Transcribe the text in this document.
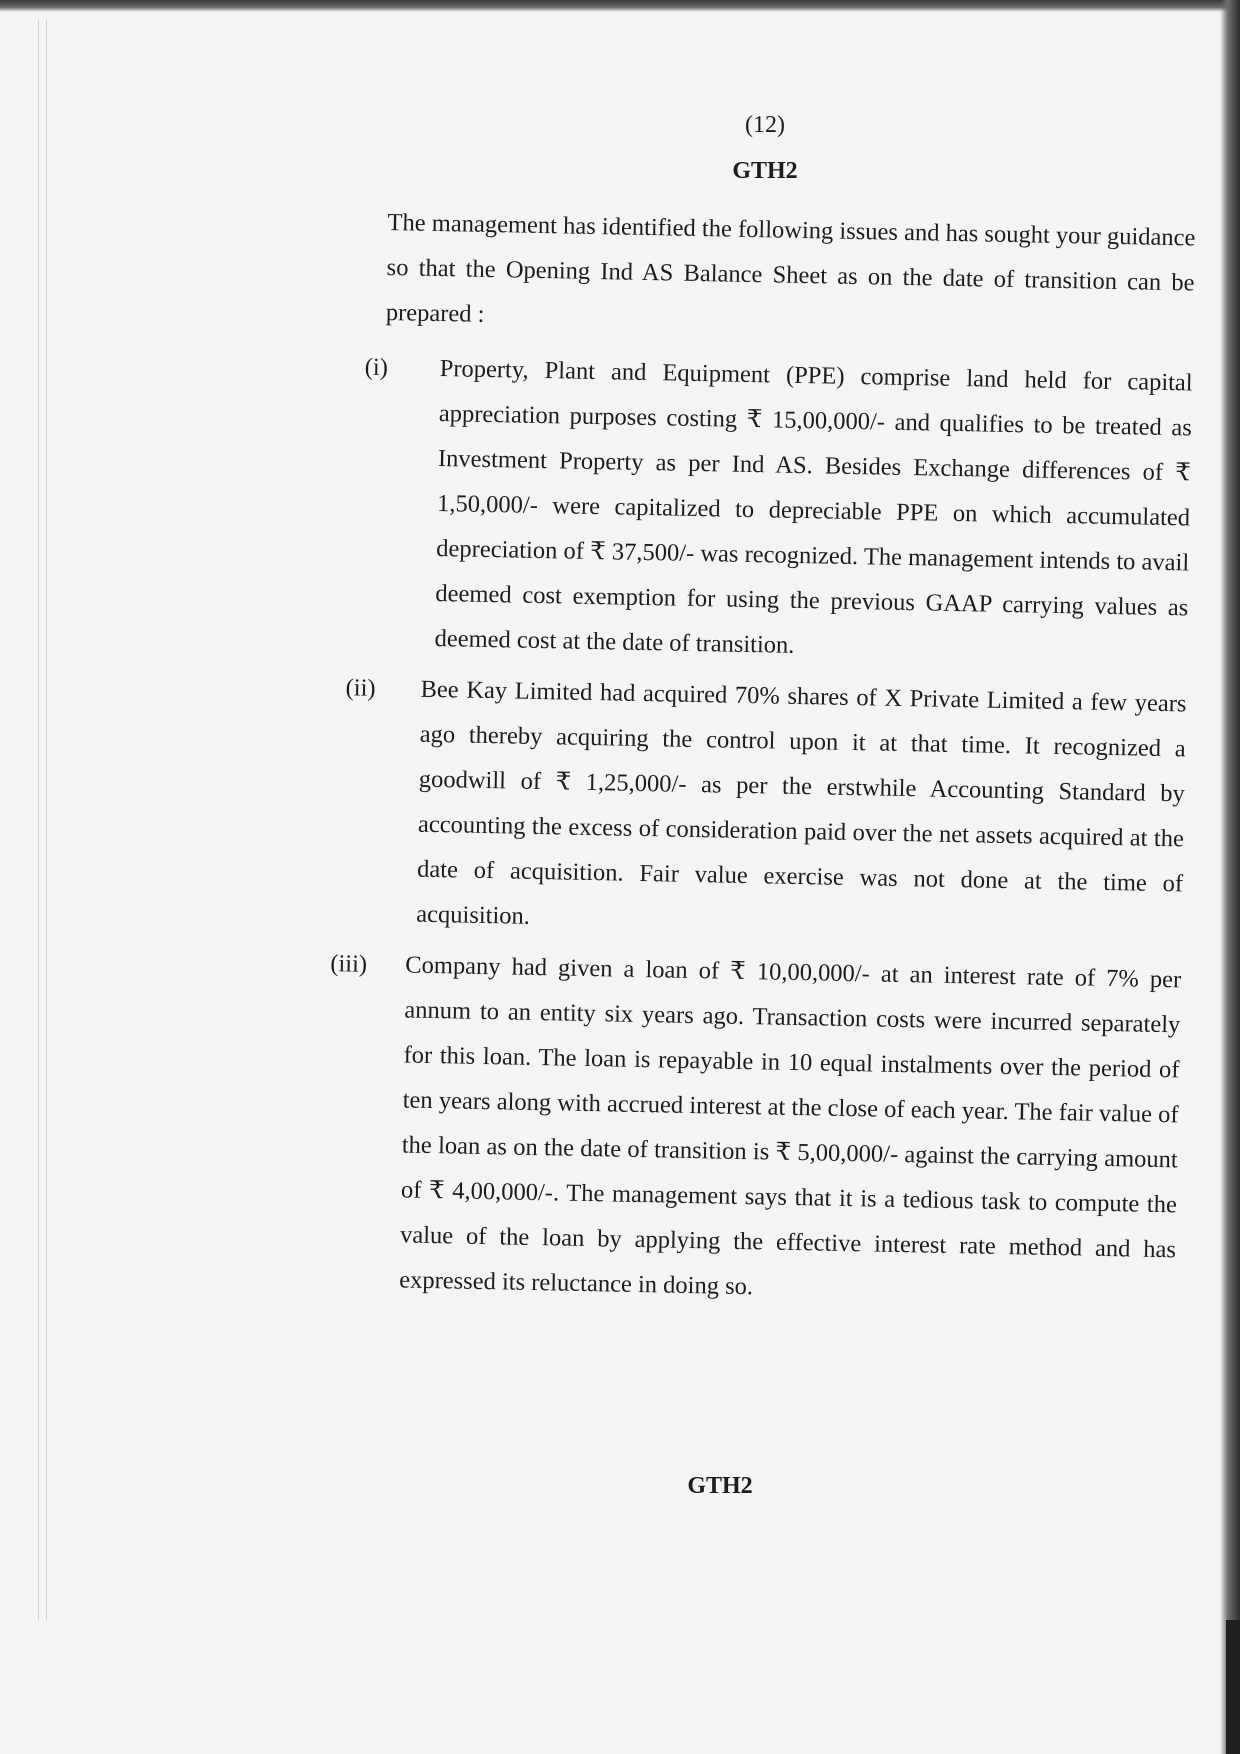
(12)
GTH2

The management has identified the following issues and has sought your guidance so that the Opening Ind AS Balance Sheet as on the date of transition can be prepared :

(i)	Property, Plant and Equipment (PPE) comprise land held for capital appreciation purposes costing ₹ 15,00,000/- and qualifies to be treated as Investment Property as per Ind AS. Besides Exchange differences of ₹ 1,50,000/- were capitalized to depreciable PPE on which accumulated depreciation of ₹ 37,500/- was recognized. The management intends to avail deemed cost exemption for using the previous GAAP carrying values as deemed cost at the date of transition.

(ii)	Bee Kay Limited had acquired 70% shares of X Private Limited a few years ago thereby acquiring the control upon it at that time. It recognized a goodwill of ₹ 1,25,000/- as per the erstwhile Accounting Standard by accounting the excess of consideration paid over the net assets acquired at the date of acquisition. Fair value exercise was not done at the time of acquisition.

(iii)	Company had given a loan of ₹ 10,00,000/- at an interest rate of 7% per annum to an entity six years ago. Transaction costs were incurred separately for this loan. The loan is repayable in 10 equal instalments over the period of ten years along with accrued interest at the close of each year. The fair value of the loan as on the date of transition is ₹ 5,00,000/- against the carrying amount of ₹ 4,00,000/-. The management says that it is a tedious task to compute the value of the loan by applying the effective interest rate method and has expressed its reluctance in doing so.

GTH2
